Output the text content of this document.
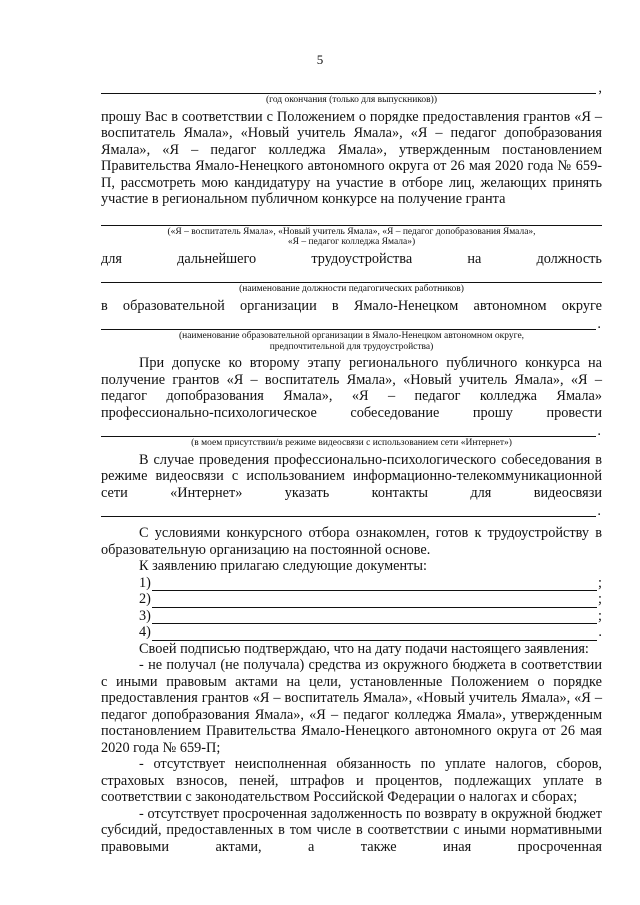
5
,
(год окончания (только для выпускников))

прошу Вас в соответствии с Положением о порядке предоставления грантов «Я – воспитатель Ямала», «Новый учитель Ямала», «Я – педагог допобразования Ямала», «Я – педагог колледжа Ямала», утвержденным постановлением Правительства Ямало-Ненецкого автономного округа от 26 мая 2020 года № 659-П, рассмотреть мою кандидатуру на участие в отборе лиц, желающих принять участие в региональном публичном конкурсе на получение гранта

(«Я – воспитатель Ямала», «Новый учитель Ямала», «Я – педагог допобразования Ямала»,
«Я – педагог колледжа Ямала»)
для	дальнейшего	трудоустройства	на	должность
(наименование должности педагогических работников)

в образовательной организации в Ямало-Ненецком автономном округе

.
(наименование образовательной организации в Ямало-Ненецком автономном округе,
предпочтительной для трудоустройства)

При допуске ко второму этапу регионального публичного конкурса на получение грантов «Я – воспитатель Ямала», «Новый учитель Ямала», «Я – педагог допобразования Ямала», «Я – педагог колледжа Ямала» профессионально-психологическое собеседование прошу провести

.
(в моем присутствии/в режиме видеосвязи с использованием сети «Интернет»)

В случае проведения профессионально-психологического собеседования в режиме видеосвязи с использованием информационно-телекоммуникационной сети «Интернет» указать контакты для видеосвязи

.

С условиями конкурсного отбора ознакомлен, готов к трудоустройству в образовательную организацию на постоянной основе.

К заявлению прилагаю следующие документы:

1)	;
2)	;
3)	;
4)	.

Своей подписью подтверждаю, что на дату подачи настоящего заявления:

- не получал (не получала) средства из окружного бюджета в соответствии с иными правовым актами на цели, установленные Положением о порядке предоставления грантов «Я – воспитатель Ямала», «Новый учитель Ямала», «Я – педагог допобразования Ямала», «Я – педагог колледжа Ямала», утвержденным постановлением Правительства Ямало-Ненецкого автономного округа от 26 мая 2020 года № 659-П;

- отсутствует неисполненная обязанность по уплате налогов, сборов, страховых взносов, пеней, штрафов и процентов, подлежащих уплате в соответствии с законодательством Российской Федерации о налогах и сборах;

- отсутствует просроченная задолженность по возврату в окружной бюджет субсидий, предоставленных в том числе в соответствии с иными нормативными правовыми актами, а также иная просроченная
